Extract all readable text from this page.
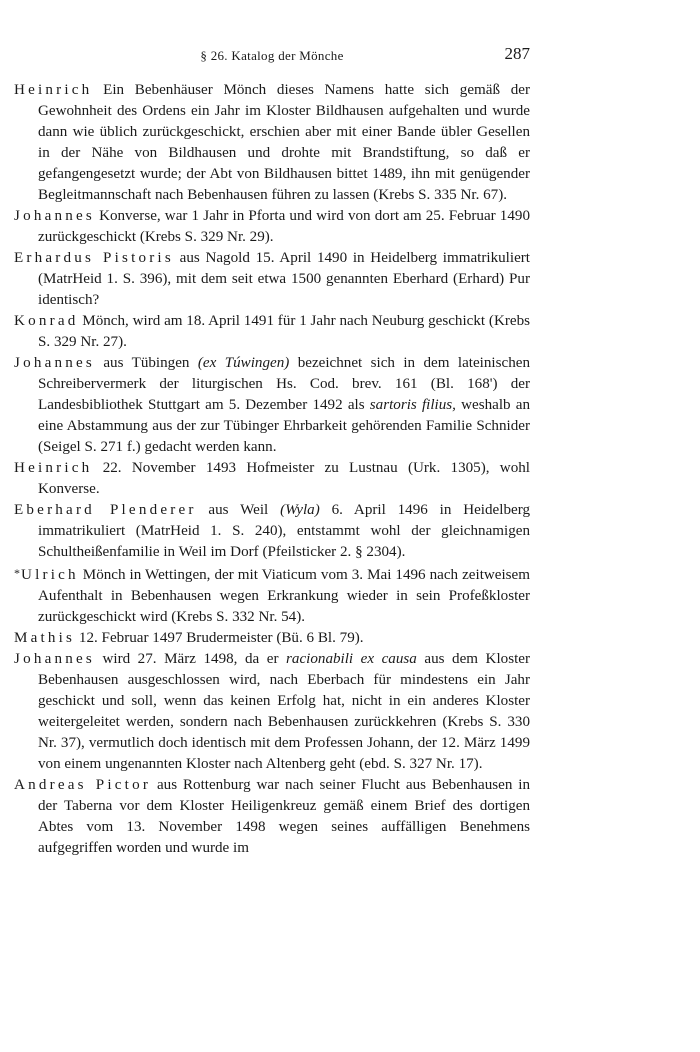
§ 26. Katalog der Mönche	287

Heinrich Ein Bebenhäuser Mönch dieses Namens hatte sich gemäß der Gewohnheit des Ordens ein Jahr im Kloster Bildhausen aufgehalten und wurde dann wie üblich zurückgeschickt, erschien aber mit einer Bande übler Gesellen in der Nähe von Bildhausen und drohte mit Brandstiftung, so daß er gefangengesetzt wurde; der Abt von Bildhausen bittet 1489, ihn mit genügender Begleitmannschaft nach Bebenhausen führen zu lassen (Krebs S. 335 Nr. 67).

Johannes Konverse, war 1 Jahr in Pforta und wird von dort am 25. Februar 1490 zurückgeschickt (Krebs S. 329 Nr. 29).

Erhardus Pistoris aus Nagold 15. April 1490 in Heidelberg immatrikuliert (MatrHeid 1. S. 396), mit dem seit etwa 1500 genannten Eberhard (Erhard) Pur identisch?

Konrad Mönch, wird am 18. April 1491 für 1 Jahr nach Neuburg geschickt (Krebs S. 329 Nr. 27).

Johannes aus Tübingen (ex Túwingen) bezeichnet sich in dem lateinischen Schreibervermerk der liturgischen Hs. Cod. brev. 161 (Bl. 168') der Landesbibliothek Stuttgart am 5. Dezember 1492 als sartoris filius, weshalb an eine Abstammung aus der zur Tübinger Ehrbarkeit gehörenden Familie Schnider (Seigel S. 271 f.) gedacht werden kann.

Heinrich 22. November 1493 Hofmeister zu Lustnau (Urk. 1305), wohl Konverse.

Eberhard Plenderer aus Weil (Wyla) 6. April 1496 in Heidelberg immatrikuliert (MatrHeid 1. S. 240), entstammt wohl der gleichnamigen Schultheißenfamilie in Weil im Dorf (Pfeilsticker 2. § 2304).

*Ulrich Mönch in Wettingen, der mit Viaticum vom 3. Mai 1496 nach zeitweisem Aufenthalt in Bebenhausen wegen Erkrankung wieder in sein Profeßkloster zurückgeschickt wird (Krebs S. 332 Nr. 54).

Mathis 12. Februar 1497 Brudermeister (Bü. 6 Bl. 79).

Johannes wird 27. März 1498, da er racionabili ex causa aus dem Kloster Bebenhausen ausgeschlossen wird, nach Eberbach für mindestens ein Jahr geschickt und soll, wenn das keinen Erfolg hat, nicht in ein anderes Kloster weitergeleitet werden, sondern nach Bebenhausen zurückkehren (Krebs S. 330 Nr. 37), vermutlich doch identisch mit dem Professen Johann, der 12. März 1499 von einem ungenannten Kloster nach Altenberg geht (ebd. S. 327 Nr. 17).

Andreas Pictor aus Rottenburg war nach seiner Flucht aus Bebenhausen in der Taberna vor dem Kloster Heiligenkreuz gemäß einem Brief des dortigen Abtes vom 13. November 1498 wegen seines auffälligen Benehmens aufgegriffen worden und wurde im
